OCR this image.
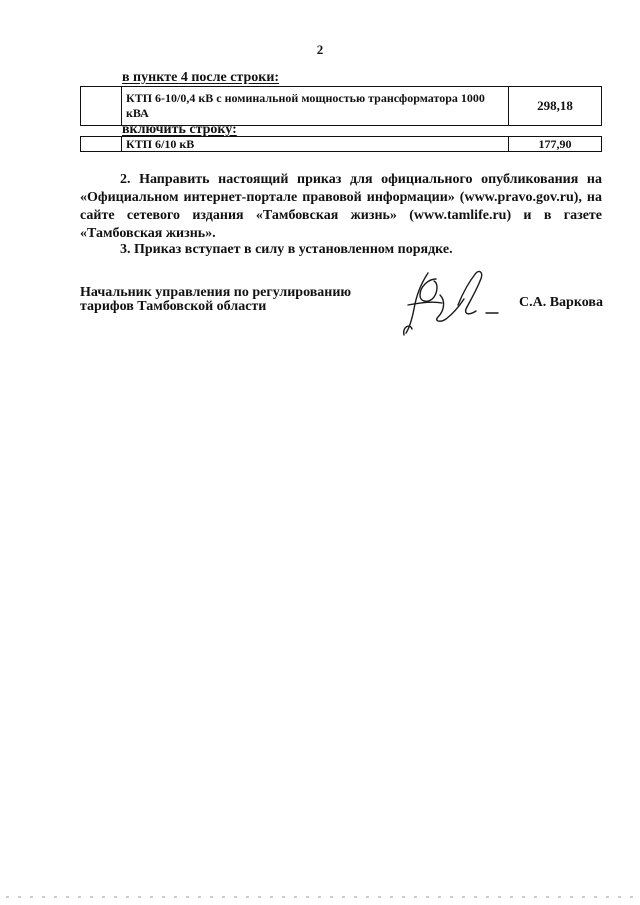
2
в пункте 4 после строки:
	КТП 6-10/0,4 кВ с номинальной мощностью трансформатора 1000 кВА	298,18
включить строку:
	КТП 6/10 кВ	177,90
2. Направить настоящий приказ для официального опубликования на «Официальном интернет-портале правовой информации» (www.pravo.gov.ru), на сайте сетевого издания «Тамбовская жизнь» (www.tamlife.ru) и в газете «Тамбовская жизнь».
3. Приказ вступает в силу в установленном порядке.
Начальник управления по регулированию
тарифов Тамбовской области	С.А. Варкова
